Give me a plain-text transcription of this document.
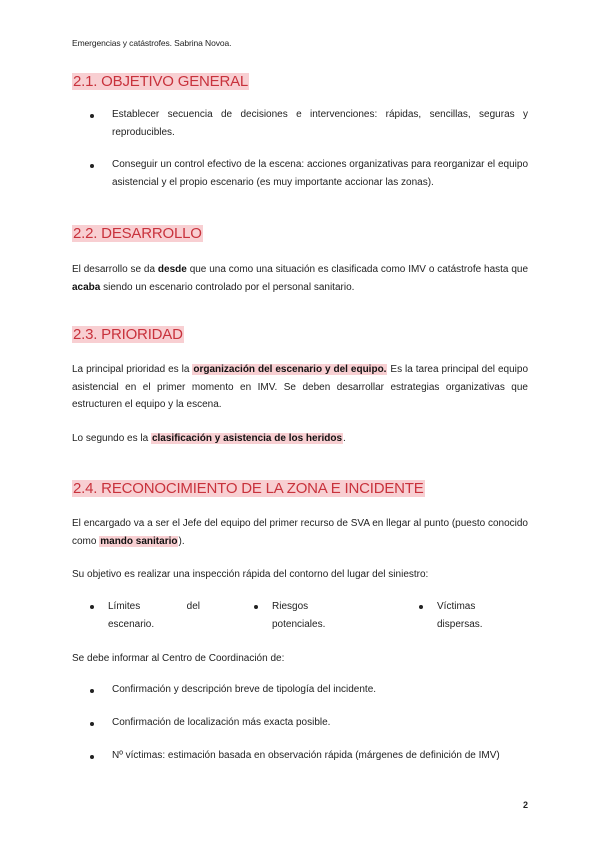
Emergencias y catástrofes. Sabrina Novoa.
2.1. OBJETIVO GENERAL

Establecer secuencia de decisiones e intervenciones: rápidas, sencillas, seguras y reproducibles.

Conseguir un control efectivo de la escena: acciones organizativas para reorganizar el equipo asistencial y el propio escenario (es muy importante accionar las zonas).

2.2. DESARROLLO

El desarrollo se da desde que una como una situación es clasificada como IMV o catástrofe hasta que acaba siendo un escenario controlado por el personal sanitario.

2.3. PRIORIDAD

La principal prioridad es la organización del escenario y del equipo. Es la tarea principal del equipo asistencial en el primer momento en IMV. Se deben desarrollar estrategias organizativas que estructuren el equipo y la escena.

Lo segundo es la clasificación y asistencia de los heridos.

2.4. RECONOCIMIENTO DE LA ZONA E INCIDENTE

El encargado va a ser el Jefe del equipo del primer recurso de SVA en llegar al punto (puesto conocido como mando sanitario).

Su objetivo es realizar una inspección rápida del contorno del lugar del siniestro:

Límites	del
escenario.
Riesgos
potenciales.
Víctimas
dispersas.

Se debe informar al Centro de Coordinación de:

Confirmación y descripción breve de tipología del incidente.

Confirmación de localización más exacta posible.

Nº víctimas: estimación basada en observación rápida (márgenes de definición de IMV)

2
